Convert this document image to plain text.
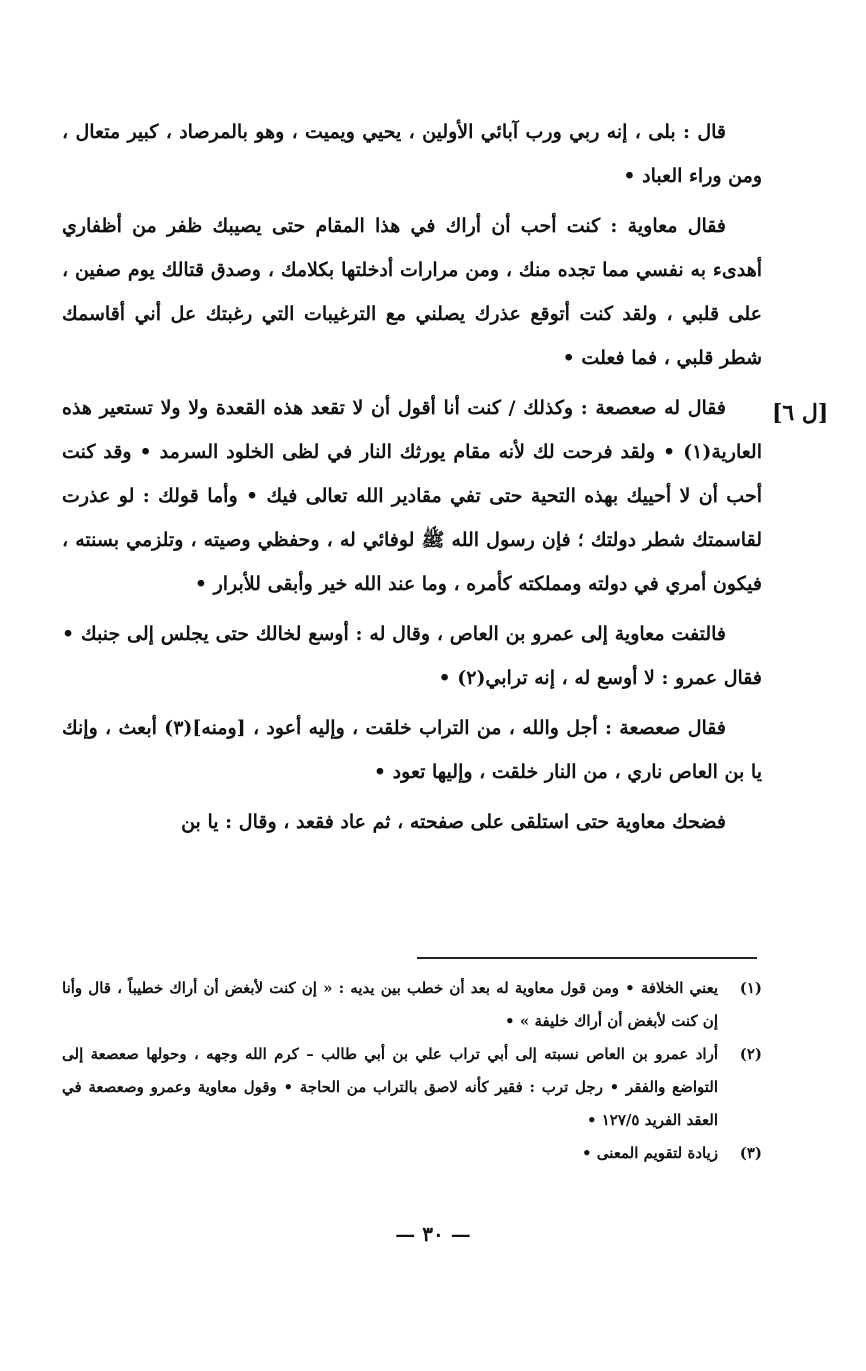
قال : بلى ، إنه ربي ورب آبائي الأولين ، يحيي ويميت ، وهو بالمرصاد ، كبير متعال ، ومن وراء العباد •

فقال معاوية : كنت أحب أن أراك في هذا المقام حتى يصيبك ظفر من أظفاري أهدىء به نفسي مما تجده منك ، ومن مرارات أدخلتها بكلامك ، وصدق قتالك يوم صفين ، على قلبي ، ولقد كنت أتوقع عذرك يصلني مع الترغيبات التي رغبتك عل أني أقاسمك شطر قلبي ، فما فعلت •

فقال له صعصعة : وكذلك / كنت أنا أقول أن لا تقعد هذه القعدة ولا ولا تستعير هذه العارية(١) • ولقد فرحت لك لأنه مقام يورثك النار في لظى الخلود السرمد • وقد كنت أحب أن لا أحييك بهذه التحية حتى تفي مقادير الله تعالى فيك • وأما قولك : لو عذرت لقاسمتك شطر دولتك ؛ فإن رسول الله ﷺ لوفائي له ، وحفظي وصيته ، وتلزمي بسنته ، فيكون أمري في دولته ومملكته كأمره ، وما عند الله خير وأبقى للأبرار •

فالتفت معاوية إلى عمرو بن العاص ، وقال له : أوسع لخالك حتى يجلس إلى جنبك • فقال عمرو : لا أوسع له ، إنه ترابي(٢) •

فقال صعصعة : أجل والله ، من التراب خلقت ، وإليه أعود ، [ومنه](٣) أبعث ، وإنك يا بن العاص ناري ، من النار خلقت ، وإليها تعود •

فضحك معاوية حتى استلقى على صفحته ، ثم عاد فقعد ، وقال : يا بن

[ل ٦]
(١)
يعني الخلافة • ومن قول معاوية له بعد أن خطب بين يديه : « إن كنت لأبغض أن أراك خطيباً ، قال وأنا إن كنت لأبغض أن أراك خليفة » •
(٢)
أراد عمرو بن العاص نسبته إلى أبي تراب علي بن أبي طالب – كرم الله وجهه ، وحولها صعصعة إلى التواضع والفقر • رجل ترب : فقير كأنه لاصق بالتراب من الحاجة • وقول معاوية وعمرو وصعصعة في العقد الفريد ١٢٧/٥ •
(٣)
زيادة لتقويم المعنى •
— ٣٠ —
